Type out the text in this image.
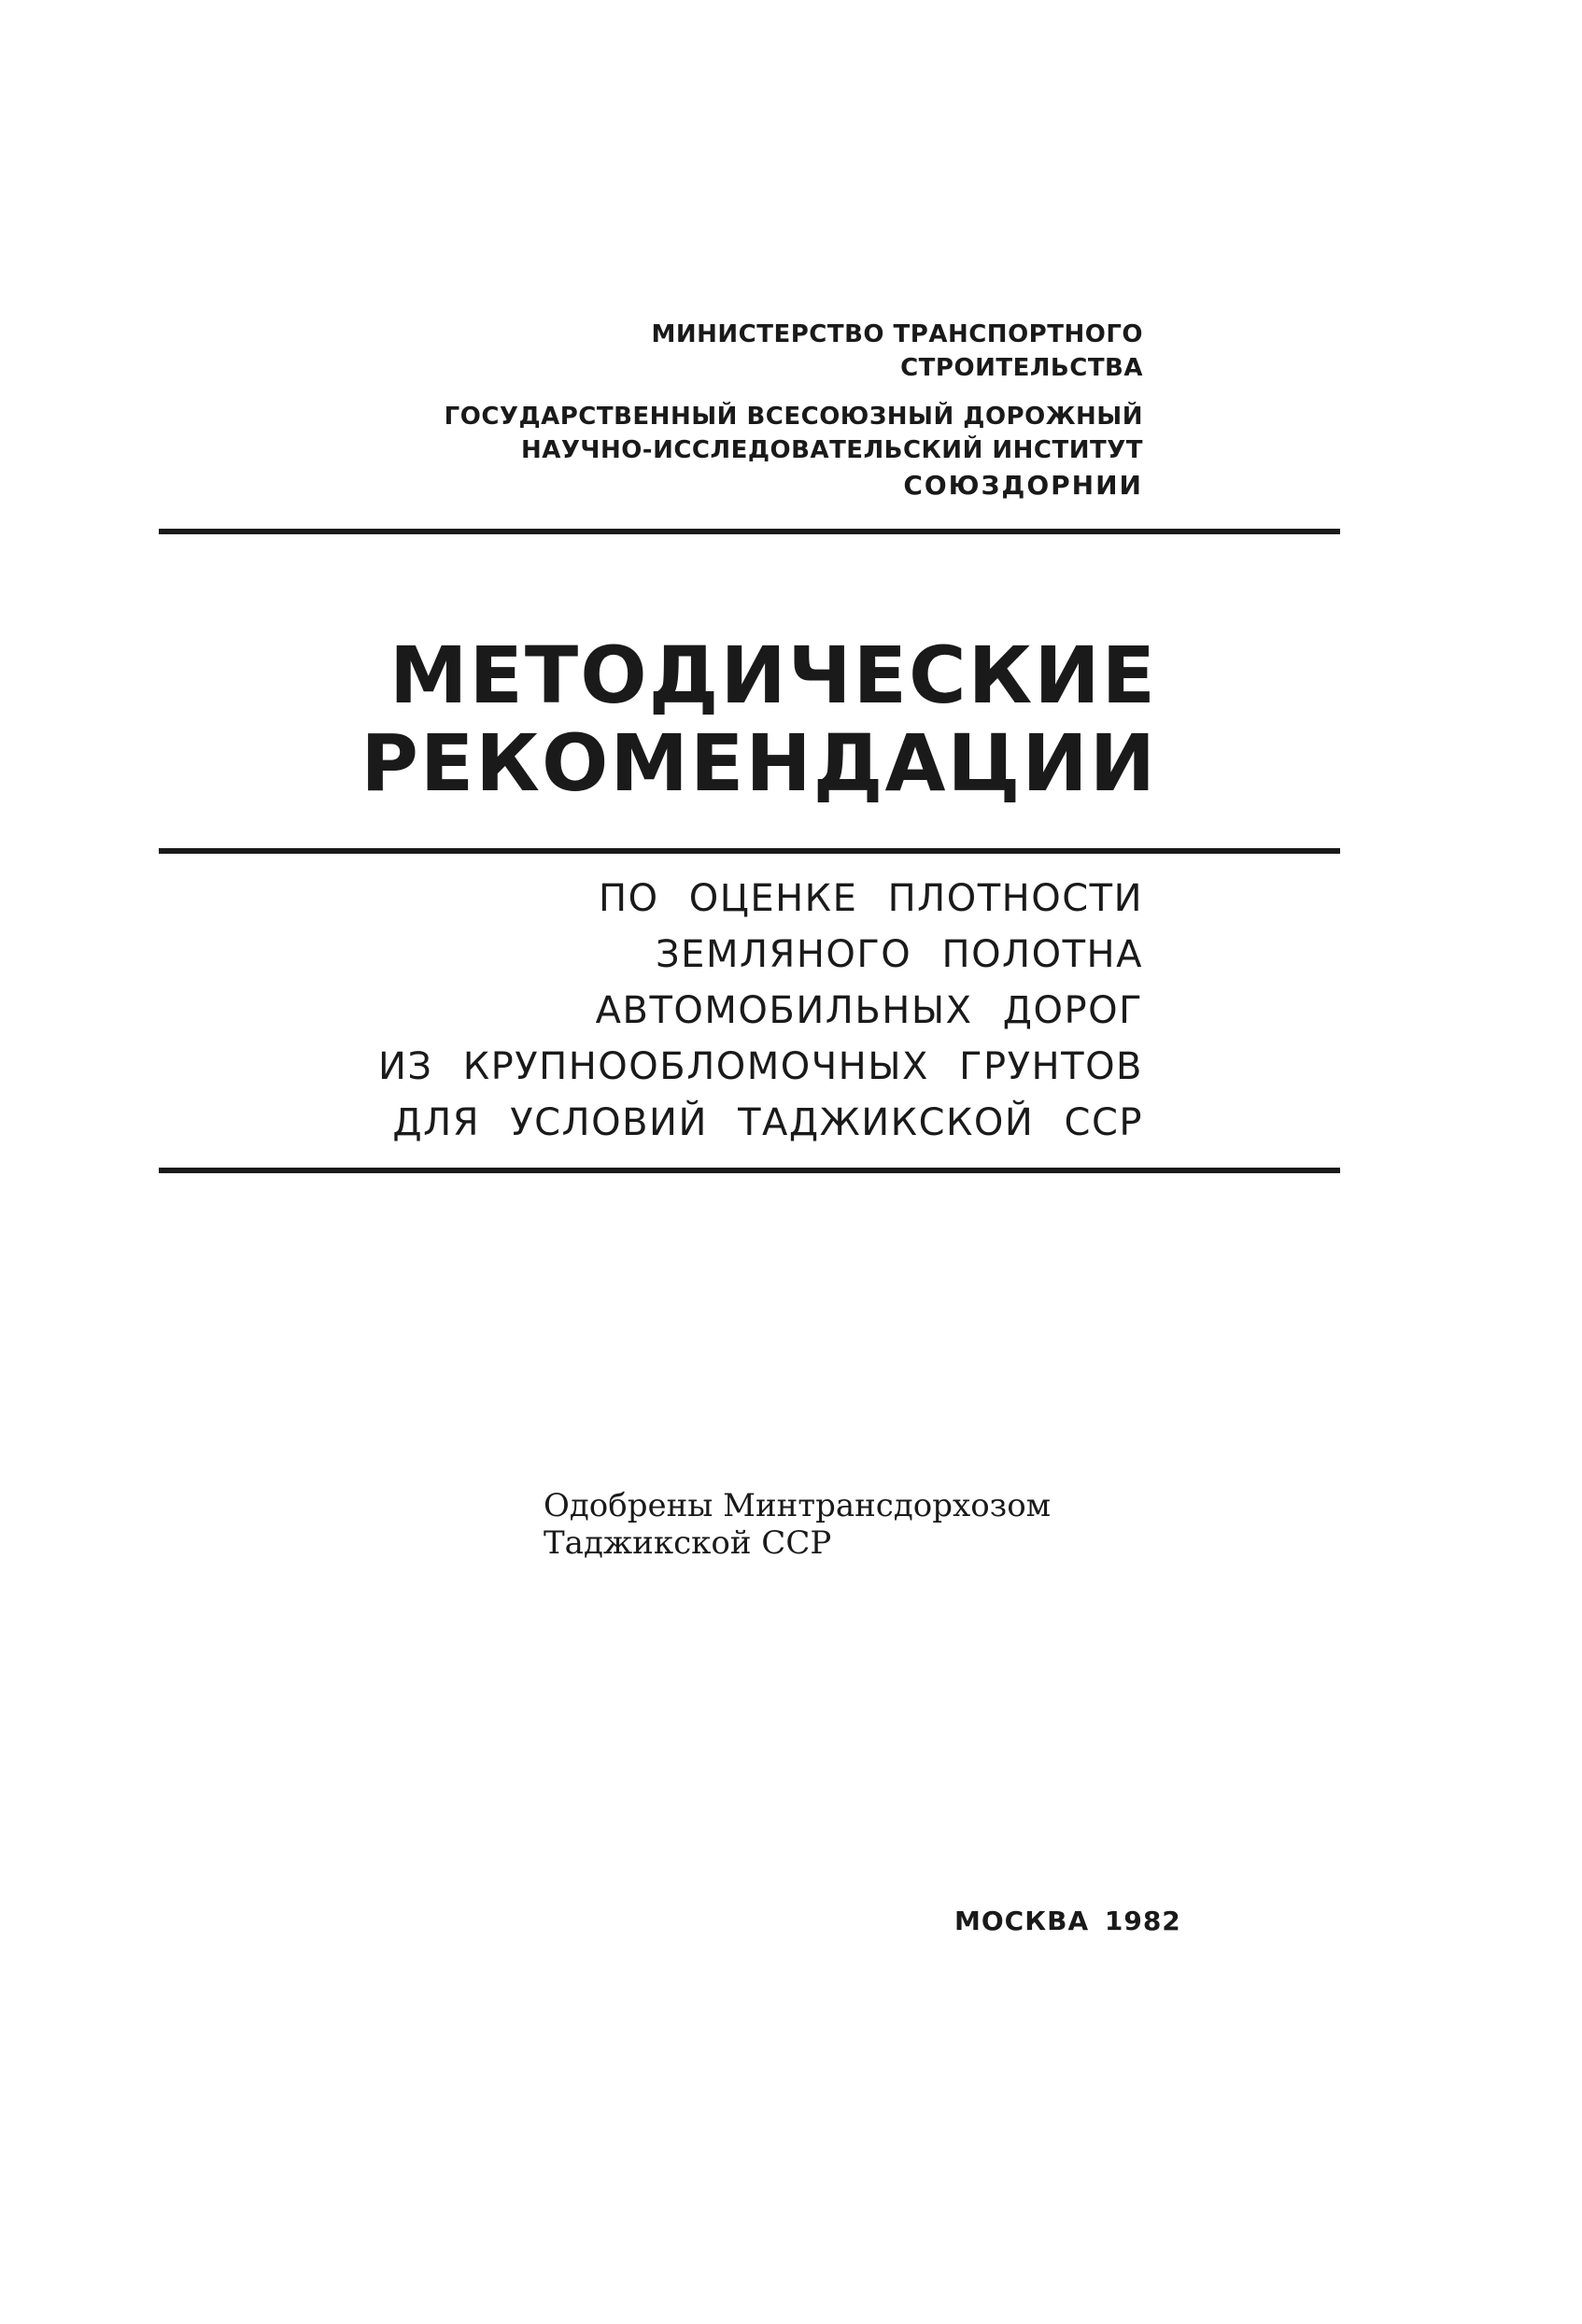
МИНИСТЕРСТВО ТРАНСПОРТНОГО
СТРОИТЕЛЬСТВА
ГОСУДАРСТВЕННЫЙ ВСЕСОЮЗНЫЙ ДОРОЖНЫЙ
НАУЧНО-ИССЛЕДОВАТЕЛЬСКИЙ ИНСТИТУТ
СОЮЗДОРНИИ
МЕТОДИЧЕСКИЕ
РЕКОМЕНДАЦИИ
ПО ОЦЕНКЕ ПЛОТНОСТИ
ЗЕМЛЯНОГО ПОЛОТНА
АВТОМОБИЛЬНЫХ ДОРОГ
ИЗ КРУПНООБЛОМОЧНЫХ ГРУНТОВ
ДЛЯ УСЛОВИЙ ТАДЖИКСКОЙ ССР
Одобрены Минтрансдорхозом
Таджикской ССР
МОСКВА 1982
